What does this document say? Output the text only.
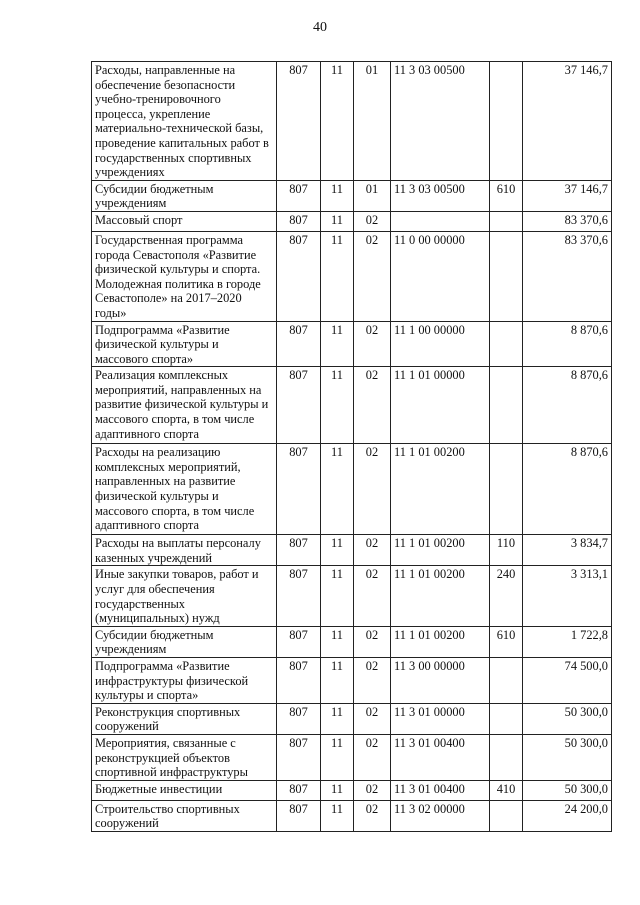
40
Расходы, направленные на обеспечение безопасности учебно-тренировочного процесса, укрепление материально-технической базы, проведение капитальных работ в государственных спортивных учреждениях	807	11	01	11 3 03 00500		37 146,7
Субсидии бюджетным учреждениям	807	11	01	11 3 03 00500	610	37 146,7
Массовый спорт	807	11	02			83 370,6
Государственная программа города Севастополя «Развитие физической культуры и спорта. Молодежная политика в городе Севастополе» на 2017–2020 годы»	807	11	02	11 0 00 00000		83 370,6
Подпрограмма «Развитие физической культуры и массового спорта»	807	11	02	11 1 00 00000		8 870,6
Реализация комплексных мероприятий, направленных на развитие физической культуры и массового спорта, в том числе адаптивного спорта	807	11	02	11 1 01 00000		8 870,6
Расходы на реализацию комплексных мероприятий, направленных на развитие физической культуры и массового спорта, в том числе адаптивного спорта	807	11	02	11 1 01 00200		8 870,6
Расходы на выплаты персоналу казенных учреждений	807	11	02	11 1 01 00200	110	3 834,7
Иные закупки товаров, работ и услуг для обеспечения государственных (муниципальных) нужд	807	11	02	11 1 01 00200	240	3 313,1
Субсидии бюджетным учреждениям	807	11	02	11 1 01 00200	610	1 722,8
Подпрограмма «Развитие инфраструктуры физической культуры и спорта»	807	11	02	11 3 00 00000		74 500,0
Реконструкция спортивных сооружений	807	11	02	11 3 01 00000		50 300,0
Мероприятия, связанные с реконструкцией объектов спортивной инфраструктуры	807	11	02	11 3 01 00400		50 300,0
Бюджетные инвестиции	807	11	02	11 3 01 00400	410	50 300,0
Строительство спортивных сооружений	807	11	02	11 3 02 00000		24 200,0
